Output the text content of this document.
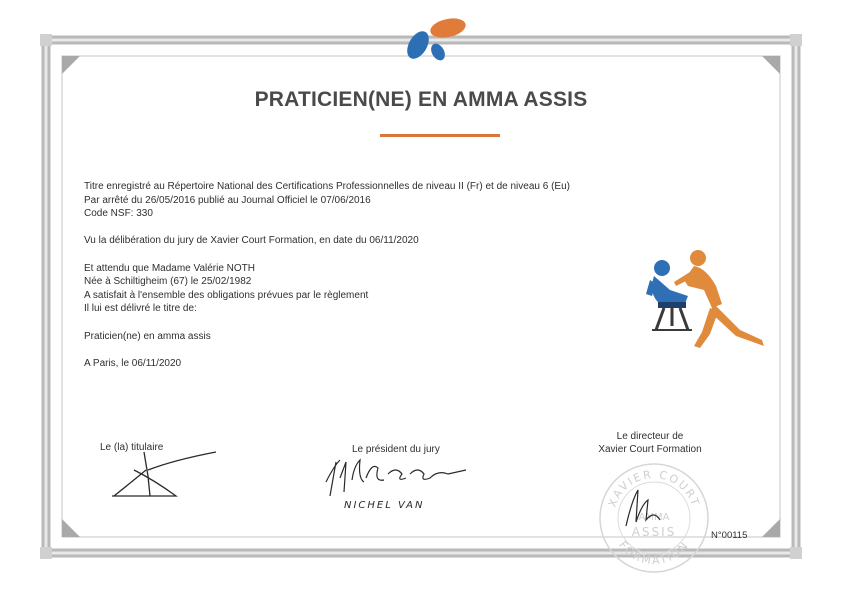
PRATICIEN(NE) EN AMMA ASSIS

Titre enregistré au Répertoire National des Certifications Professionnelles de niveau II (Fr) et de niveau 6 (Eu)

Par arrêté du 26/05/2016 publié au Journal Officiel le 07/06/2016

Code NSF: 330

Vu la délibération du jury de Xavier Court Formation, en date du 06/11/2020

Et attendu que Madame Valérie NOTH

Née à Schiltigheim (67) le 25/02/1982

A satisfait à l'ensemble des obligations prévues par le règlement

Il lui est délivré le titre de:

Praticien(ne) en amma assis

A Paris, le 06/11/2020

Le (la) titulaire	Le président du jury
Le directeur de
Xavier Court Formation
NICHEL VAN	XAVIER COURT
FORMATION
AMMA
ASSIS	N°00115
